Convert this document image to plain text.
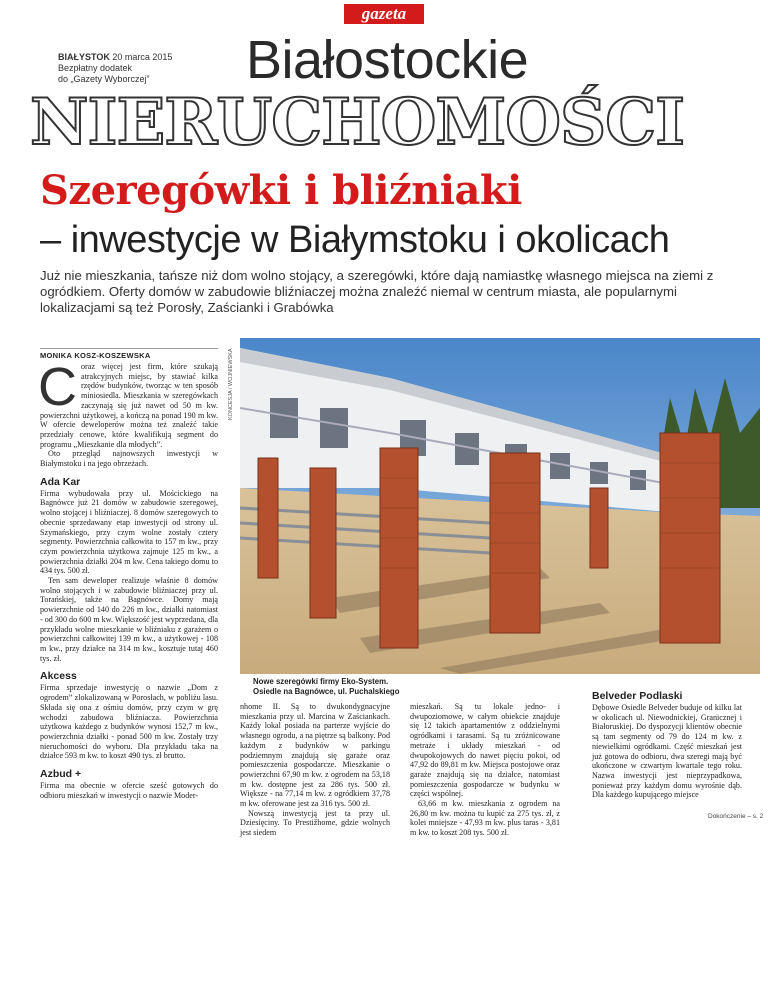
gazeta
BIAŁYSTOK 20 marca 2015
Bezpłatny dodatek
do „Gazety Wyborczej”	Białostockie
NIERUCHOMOŚCI
Szeregówki i bliźniaki
– inwestycje w Białymstoku i okolicach
Już nie mieszkania, tańsze niż dom wolno stojący, a szeregówki, które dają namiastkę własnego miejsca na ziemi z ogródkiem. Oferty domów w zabudowie bliźniaczej można znaleźć niemal w centrum miasta, ale popularnymi lokalizacjami są też Porosły, Zaścianki i Grabówka
MONIKA KOSZ-KOSZEWSKA	KONCESJA / WOJNIEWSKA
C oraz więcej jest firm, które szukają atrakcyjnych miejsc, by stawiać kilka rzędów budynków, tworząc w ten sposób miniosiedla. Mieszkania w szeregówkach zaczynają się już nawet od 50 m kw. powierzchni użytkowej, a kończą na ponad 190 m kw. W ofercie deweloperów można też znaleźć takie przedziały cenowe, które kwalifikują segment do programu „Mieszkanie dla młodych”.

Oto przegląd najnowszych inwestycji w Białymstoku i na jego obrzeżach.

Ada Kar

Firma wybudowała przy ul. Mościckiego na Bagnówce już 21 domów w zabudowie szeregowej, wolno stojącej i bliźniaczej. 8 domów szeregowych to obecnie sprzedawany etap inwestycji od strony ul. Szymańskiego, przy czym wolne zostały cztery segmenty. Powierzchnia całkowita to 157 m kw., przy czym powierzchnia użytkowa zajmuje 125 m kw., a powierzchnia działki 204 m kw. Cena takiego domu to 434 tys. 500 zł.

Ten sam deweloper realizuje właśnie 8 domów wolno stojących i w zabudowie bliźniaczej przy ul. Torańskiej, także na Bagnówce. Domy mają powierzchnie od 140 do 226 m kw., działki natomiast - od 300 do 600 m kw. Większość jest wyprzedana, dla przykładu wolne mieszkanie w bliźniaku z garażem o powierzchni całkowitej 139 m kw., a użytkowej - 108 m kw., przy działce na 314 m kw., kosztuje tutaj 460 tys. zł.

Akcess

Firma sprzedaje inwestycję o nazwie „Dom z ogrodem” zlokalizowaną w Porosłach, w pobliżu lasu. Składa się ona z ośmiu domów, przy czym w grę wchodzi zabudowa bliźniacza. Powierzchnia użytkowa każdego z budynków wynosi 152,7 m kw., powierzchnia działki - ponad 500 m kw. Zostały trzy nieruchomości do wyboru. Dla przykładu taka na działce 593 m kw. to koszt 490 tys. zł brutto.

Azbud +

Firma ma obecnie w ofercie sześć gotowych do odbioru mieszkań w inwestycji o nazwie Moder-

Nowe szeregówki firmy Eko-System.
Osiedle na Bagnówce, ul. Puchalskiego

nhome II. Są to dwukondygnacyjne mieszkania przy ul. Marcina w Zaściankach. Każdy lokal posiada na parterze wyjście do własnego ogrodu, a na piętrze są balkony. Pod każdym z budynków w parkingu podziemnym znajdują się garaże oraz pomieszczenia gospodarcze. Mieszkanie o powierzchni 67,90 m kw. z ogrodem na 53,18 m kw. dostępne jest za 286 tys. 500 zł. Większe - na 77,14 m kw. z ogródkiem 37,78 m kw. oferowane jest za 316 tys. 500 zł.

Nowszą inwestycją jest ta przy ul. Dziesięciny. To Prestižhome, gdzie wolnych jest siedem

mieszkań. Są tu lokale jedno- i dwupoziomowe, w całym obiekcie znajduje się 12 takich apartamentów z oddzielnymi ogródkami i tarasami. Są tu zróżnicowane metraże i układy mieszkań - od dwupokojowych do nawet pięciu pokoi, od 47,92 do 89,81 m kw. Miejsca postojowe oraz garaże znajdują się na działce, natomiast pomieszczenia gospodarcze w budynku w części wspólnej.

63,66 m kw. mieszkania z ogrodem na 26,80 m kw. można tu kupić za 275 tys. zł, z kolei mniejsze - 47,93 m kw. plus taras - 3,81 m kw. to koszt 208 tys. 500 zł.

Belveder Podlaski

Dębowe Osiedle Belveder buduje od kilku lat w okolicach ul. Niewodnickiej, Granicznej i Białoruskiej. Do dyspozycji klientów obecnie są tam segmenty od 79 do 124 m kw. z niewielkimi ogródkami. Część mieszkań jest już gotowa do odbioru, dwa szeregi mają być ukończone w czwartym kwartale tego roku. Nazwa inwestycji jest nieprzypadkowa, ponieważ przy każdym domu wyrośnie dąb. Dla każdego kupującego miejsce

Dokończenie – s. 2
